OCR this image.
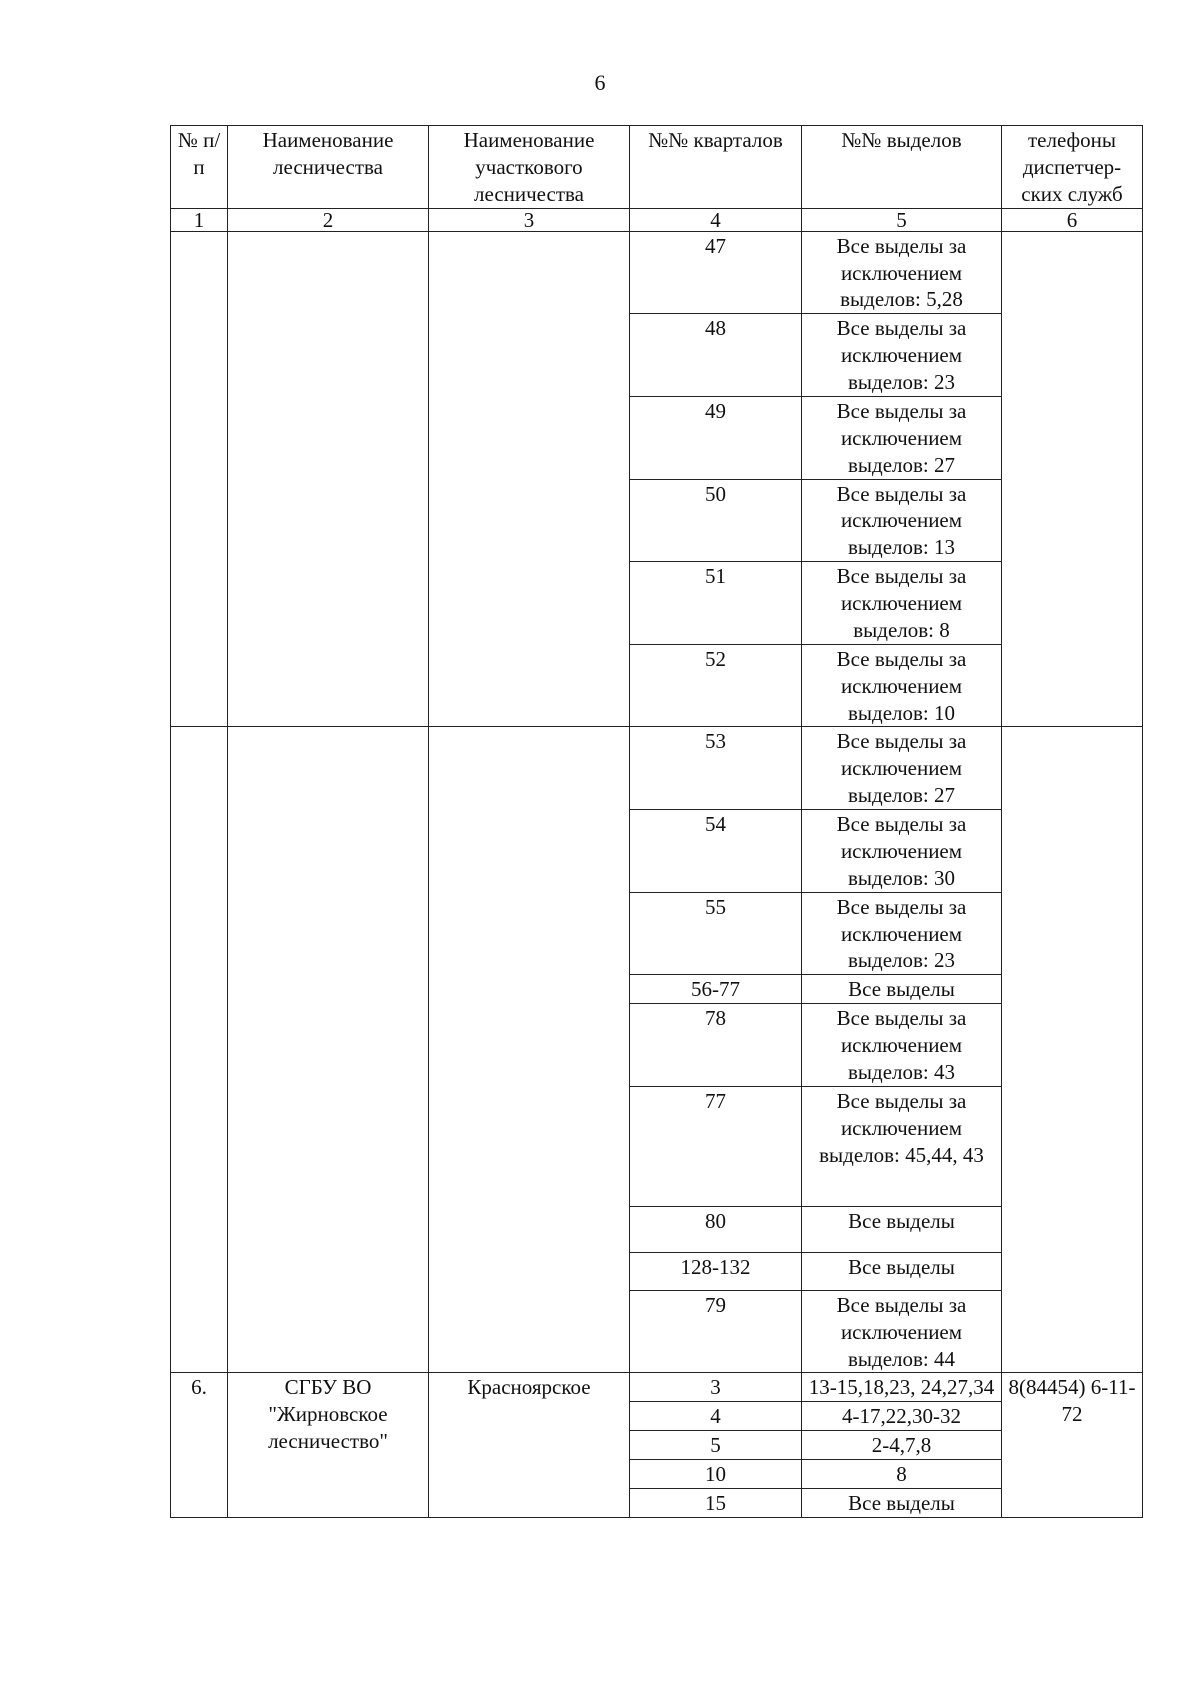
6
№ п/п	Наименование лесничества	Наименование участкового лесничества	№№ кварталов	№№ выделов	телефоны диспетчер-ских служб
1	2	3	4	5	6
			47	Все выделы за исключением выделов: 5,28	
			48	Все выделы за исключением выделов: 23	
			49	Все выделы за исключением выделов: 27	
			50	Все выделы за исключением выделов: 13	
			51	Все выделы за исключением выделов: 8	
			52	Все выделы за исключением выделов: 10	
			53	Все выделы за исключением выделов: 27	
			54	Все выделы за исключением выделов: 30	
			55	Все выделы за исключением выделов: 23	
			56-77	Все выделы	
			78	Все выделы за исключением выделов: 43	
			77	Все выделы за исключением выделов: 45,44, 43	
			80	Все выделы	
			128-132	Все выделы	
			79	Все выделы за исключением выделов: 44	
6.	СГБУ ВО "Жирновское лесничество"	Красноярское	3	13-15,18,23, 24,27,34	8(84454) 6-11-72
			4	4-17,22,30-32	
			5	2-4,7,8	
			10	8	
			15	Все выделы	
